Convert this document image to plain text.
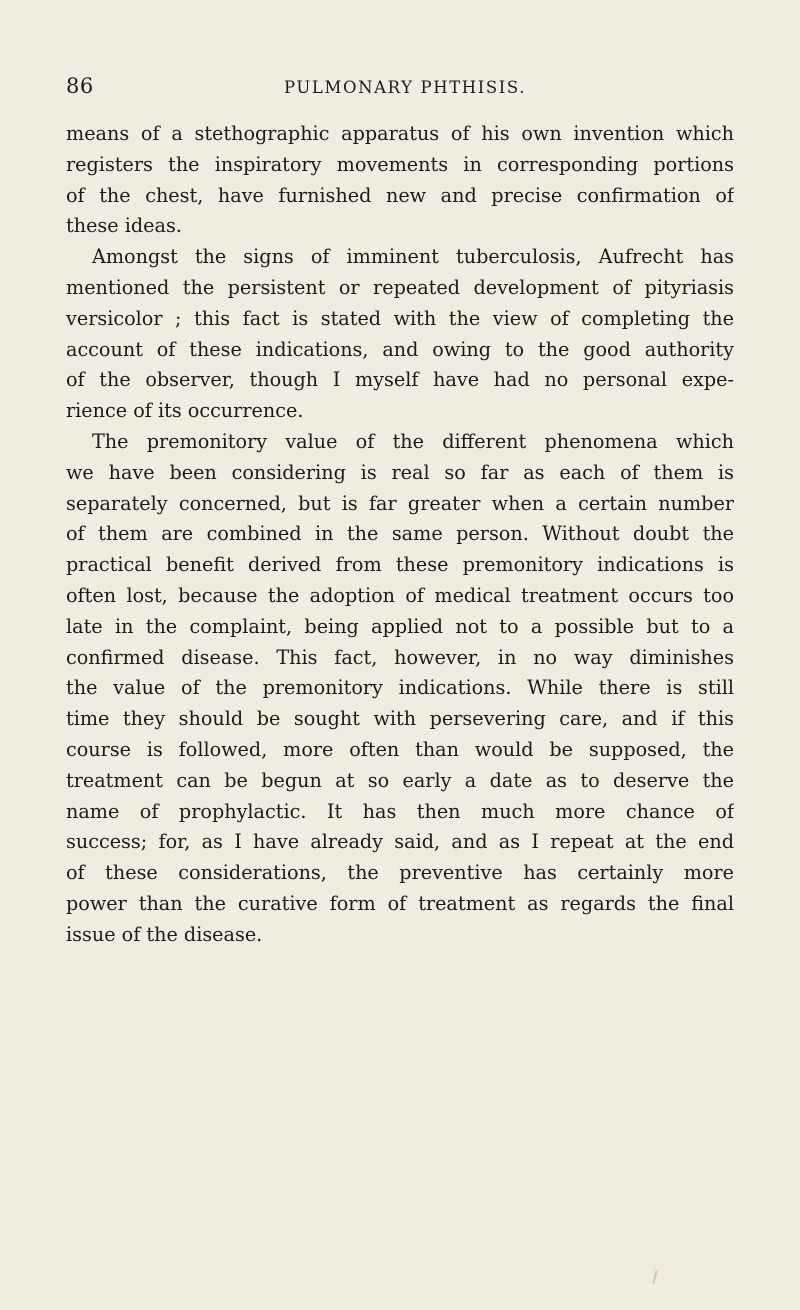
86	PULMONARY PHTHISIS.
means of a stethographic apparatus of his own invention which
registers the inspiratory movements in corresponding portions
of the chest, have furnished new and precise confirmation of
these ideas.
Amongst the signs of imminent tuberculosis, Aufrecht has
mentioned the persistent or repeated development of pityriasis
versicolor ; this fact is stated with the view of completing the
account of these indications, and owing to the good authority
of the observer, though I myself have had no personal expe-
rience of its occurrence.
The premonitory value of the different phenomena which
we have been considering is real so far as each of them is
separately concerned, but is far greater when a certain number
of them are combined in the same person. Without doubt the
practical benefit derived from these premonitory indications is
often lost, because the adoption of medical treatment occurs too
late in the complaint, being applied not to a possible but to a
confirmed disease. This fact, however, in no way diminishes
the value of the premonitory indications. While there is still
time they should be sought with persevering care, and if this
course is followed, more often than would be supposed, the
treatment can be begun at so early a date as to deserve the
name of prophylactic. It has then much more chance of
success; for, as I have already said, and as I repeat at the end
of these considerations, the preventive has certainly more
power than the curative form of treatment as regards the final
issue of the disease.
